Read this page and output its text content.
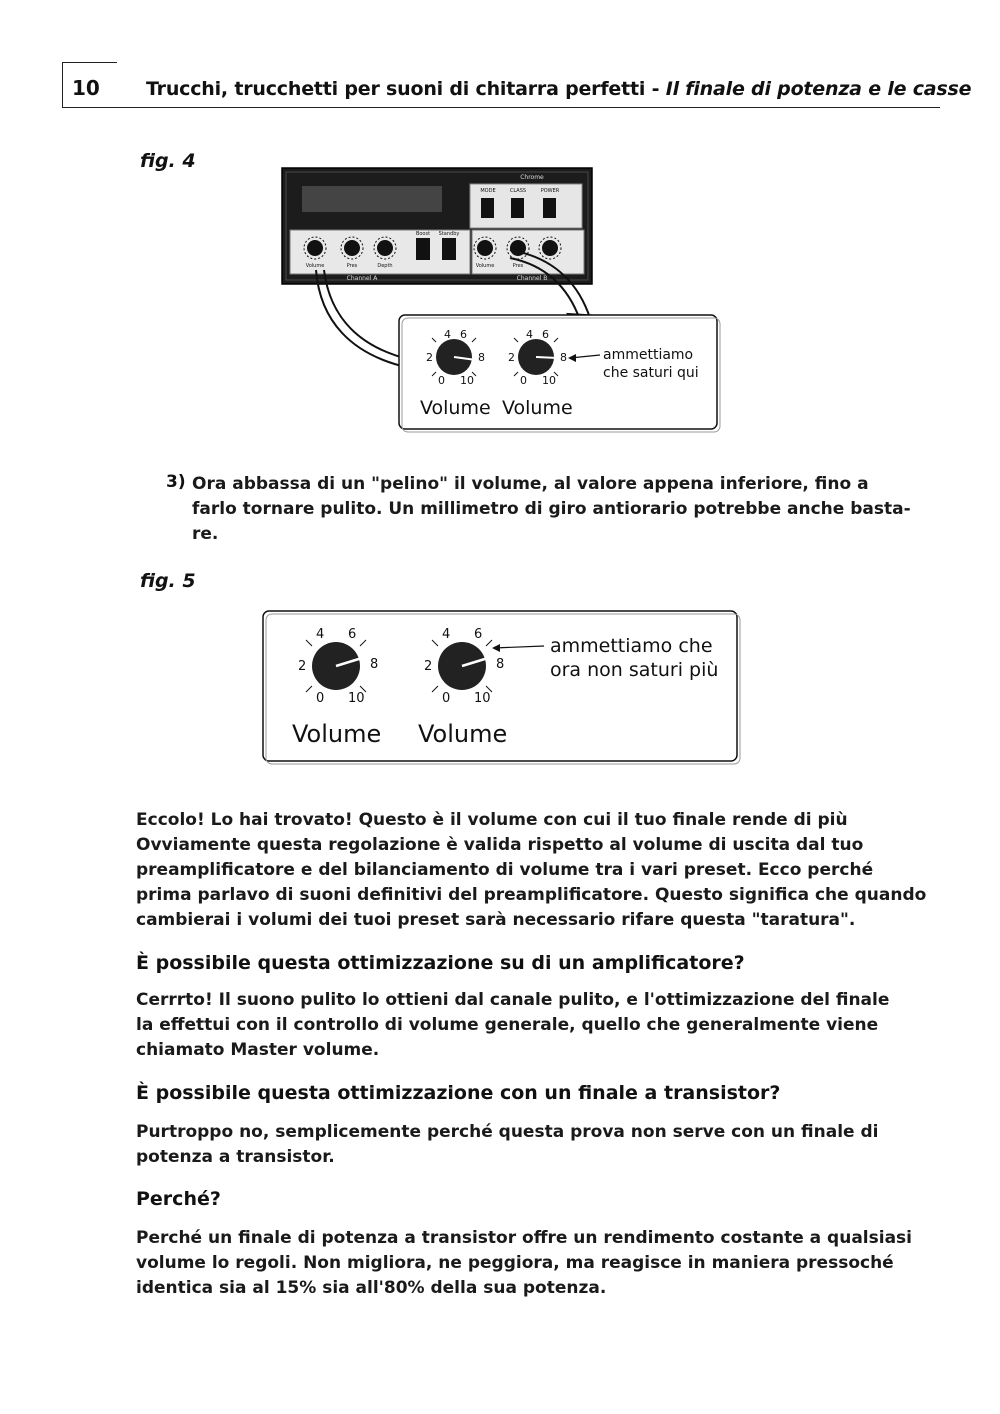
10 Trucchi, trucchetti per suoni di chitarra perfetti - Il finale di potenza e le casse
fig. 4
Chrome
MODE	CLASS	POWER
Boost Standby
Volume	Pres	Depth	Volume	Pres
Channel A	Channel B
4 6
2	8
0 10
4 6
2	8
0 10
ammettiamo
che saturi qui
Volume Volume
3) Ora abbassa di un "pelino" il volume, al valore appena inferiore, fino a
farlo tornare pulito. Un millimetro di giro antiorario potrebbe anche basta-
re.
fig. 5
4 6
2	8
0 10
4 6
2	8
0 10
ammettiamo che
ora non saturi più
Volume Volume
Eccolo! Lo hai trovato! Questo è il volume con cui il tuo finale rende di più
Ovviamente questa regolazione è valida rispetto al volume di uscita dal tuo
preamplificatore e del bilanciamento di volume tra i vari preset. Ecco perché
prima parlavo di suoni definitivi del preamplificatore. Questo significa che quando
cambierai i volumi dei tuoi preset sarà necessario rifare questa "taratura".
È possibile questa ottimizzazione su di un amplificatore?
Cerrrto! Il suono pulito lo ottieni dal canale pulito, e l'ottimizzazione del finale
la effettui con il controllo di volume generale, quello che generalmente viene
chiamato Master volume.
È possibile questa ottimizzazione con un finale a transistor?
Purtroppo no, semplicemente perché questa prova non serve con un finale di
potenza a transistor.
Perché?
Perché un finale di potenza a transistor offre un rendimento costante a qualsiasi
volume lo regoli. Non migliora, ne peggiora, ma reagisce in maniera pressoché
identica sia al 15% sia all'80% della sua potenza.
